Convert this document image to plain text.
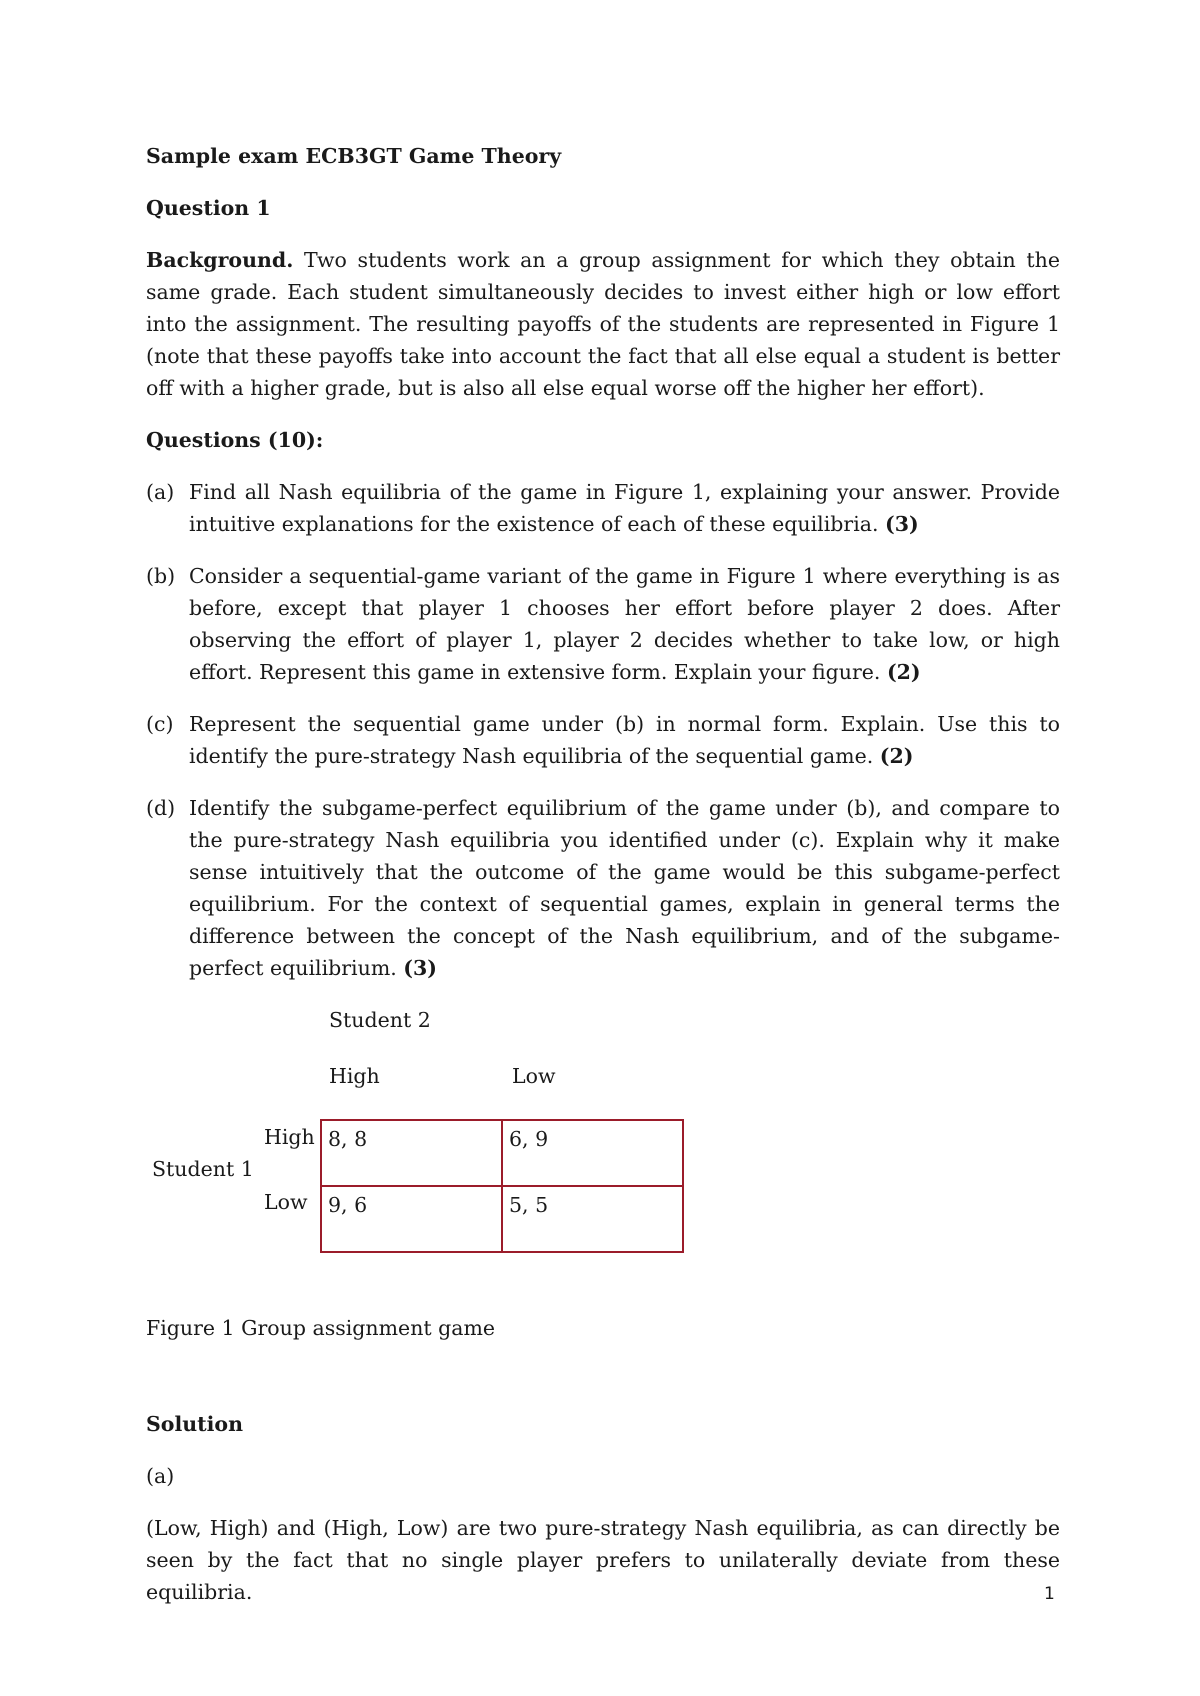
Sample exam ECB3GT Game Theory

Question 1

Background. Two students work an a group assignment for which they obtain the same grade. Each student simultaneously decides to invest either high or low effort into the assignment. The resulting payoffs of the students are represented in Figure 1 (note that these payoffs take into account the fact that all else equal a student is better off with a higher grade, but is also all else equal worse off the higher her effort).

Questions (10):

(a) Find all Nash equilibria of the game in Figure 1, explaining your answer. Provide intuitive explanations for the existence of each of these equilibria. (3)
(b) Consider a sequential-game variant of the game in Figure 1 where everything is as before, except that player 1 chooses her effort before player 2 does. After observing the effort of player 1, player 2 decides whether to take low, or high effort. Represent this game in extensive form. Explain your figure. (2)
(c) Represent the sequential game under (b) in normal form. Explain. Use this to identify the pure-strategy Nash equilibria of the sequential game. (2)
(d) Identify the subgame-perfect equilibrium of the game under (b), and compare to the pure-strategy Nash equilibria you identified under (c). Explain why it make sense intuitively that the outcome of the game would be this subgame-perfect equilibrium. For the context of sequential games, explain in general terms the difference between the concept of the Nash equilibrium, and of the subgame-perfect equilibrium. (3)
Student 2
High	Low
High
Student 1
Low
8, 8	6, 9
9, 6	5, 5

Figure 1 Group assignment game

Solution

(a)

(Low, High) and (High, Low) are two pure-strategy Nash equilibria, as can directly be seen by the fact that no single player prefers to unilaterally deviate from these equilibria.	1
